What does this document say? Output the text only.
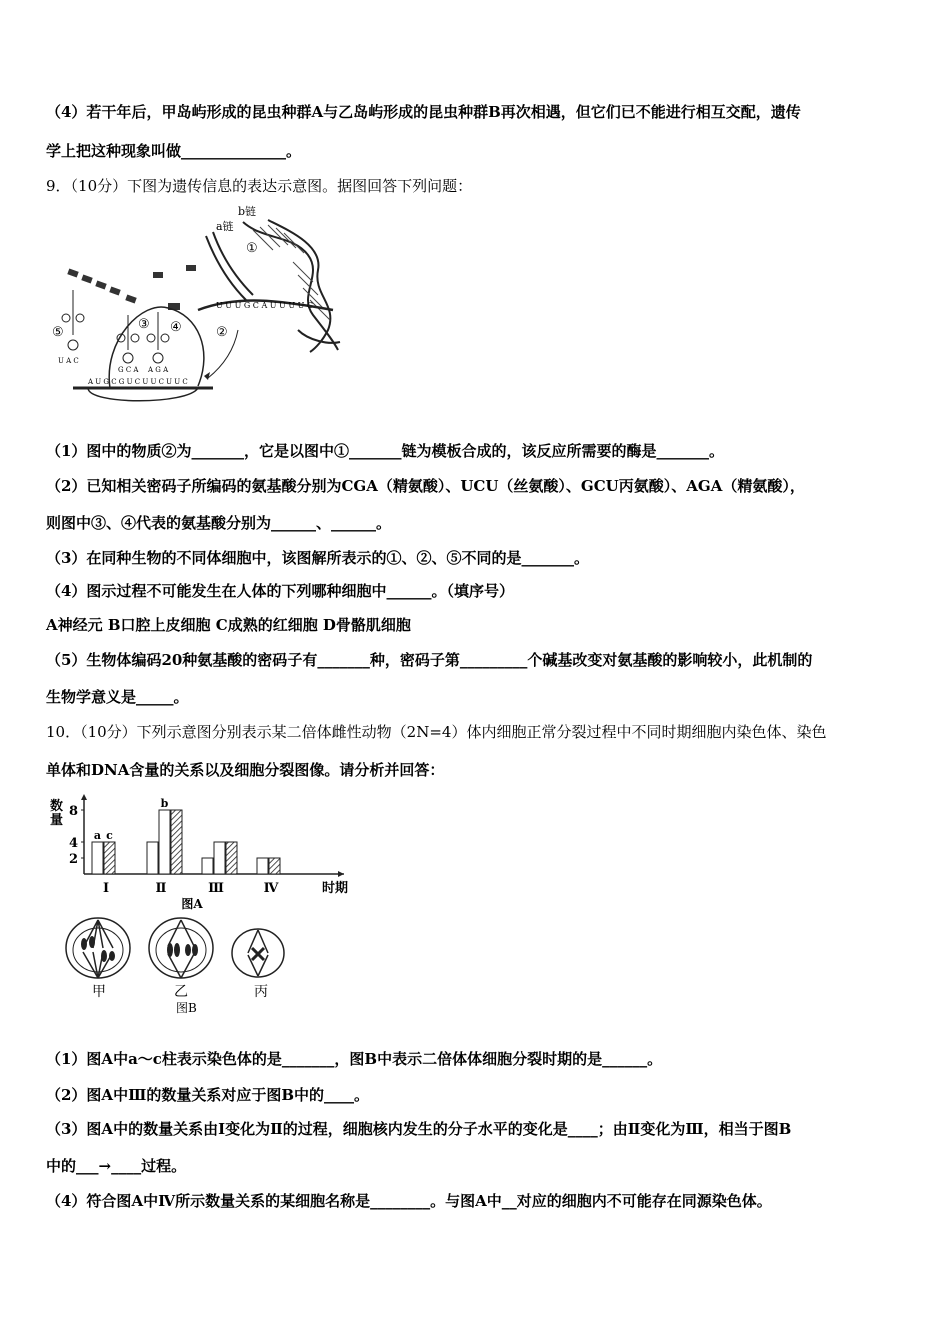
（4）若干年后，甲岛屿形成的昆虫种群A与乙岛屿形成的昆虫种群B再次相遇，但它们已不能进行相互交配，遗传
学上把这种现象叫做______________。
9．（10分）下图为遗传信息的表达示意图。据图回答下列问题：
b链
a链
①
U U U G C A U U U U C
②
A U G C G U C U U C U U C
U A C
⑤
G C A A G A
③ ④
（1）图中的物质②为_______，它是以图中①_______链为模板合成的，该反应所需要的酶是_______。
（2）已知相关密码子所编码的氨基酸分别为CGA（精氨酸）、UCU（丝氨酸）、GCU丙氨酸）、AGA（精氨酸），
则图中③、④代表的氨基酸分别为______、______。
（3）在同种生物的不同体细胞中，该图解所表示的①、②、⑤不同的是_______。
（4）图示过程不可能发生在人体的下列哪种细胞中______。（填序号）
A神经元 B口腔上皮细胞 C成熟的红细胞 D骨骼肌细胞
（5）生物体编码20种氨基酸的密码子有_______种，密码子第_________个碱基改变对氨基酸的影响较小，此机制的
生物学意义是_____。
10．（10分）下列示意图分别表示某二倍体雌性动物（2N=4）体内细胞正常分裂过程中不同时期细胞内染色体、染色
单体和DNA含量的关系以及细胞分裂图像。请分析并回答：
数
量
2
4
8
a c
Ⅰ
b
Ⅱ	Ⅲ	Ⅳ	时期
图A
甲	乙	丙
图B
（1）图A中a～c柱表示染色体的是_______，图B中表示二倍体体细胞分裂时期的是______。
（2）图A中Ⅲ的数量关系对应于图B中的____。
（3）图A中的数量关系由Ⅰ变化为Ⅱ的过程，细胞核内发生的分子水平的变化是____；由Ⅱ变化为Ⅲ，相当于图B
中的___→____过程。
（4）符合图A中Ⅳ所示数量关系的某细胞名称是________。与图A中__对应的细胞内不可能存在同源染色体。
